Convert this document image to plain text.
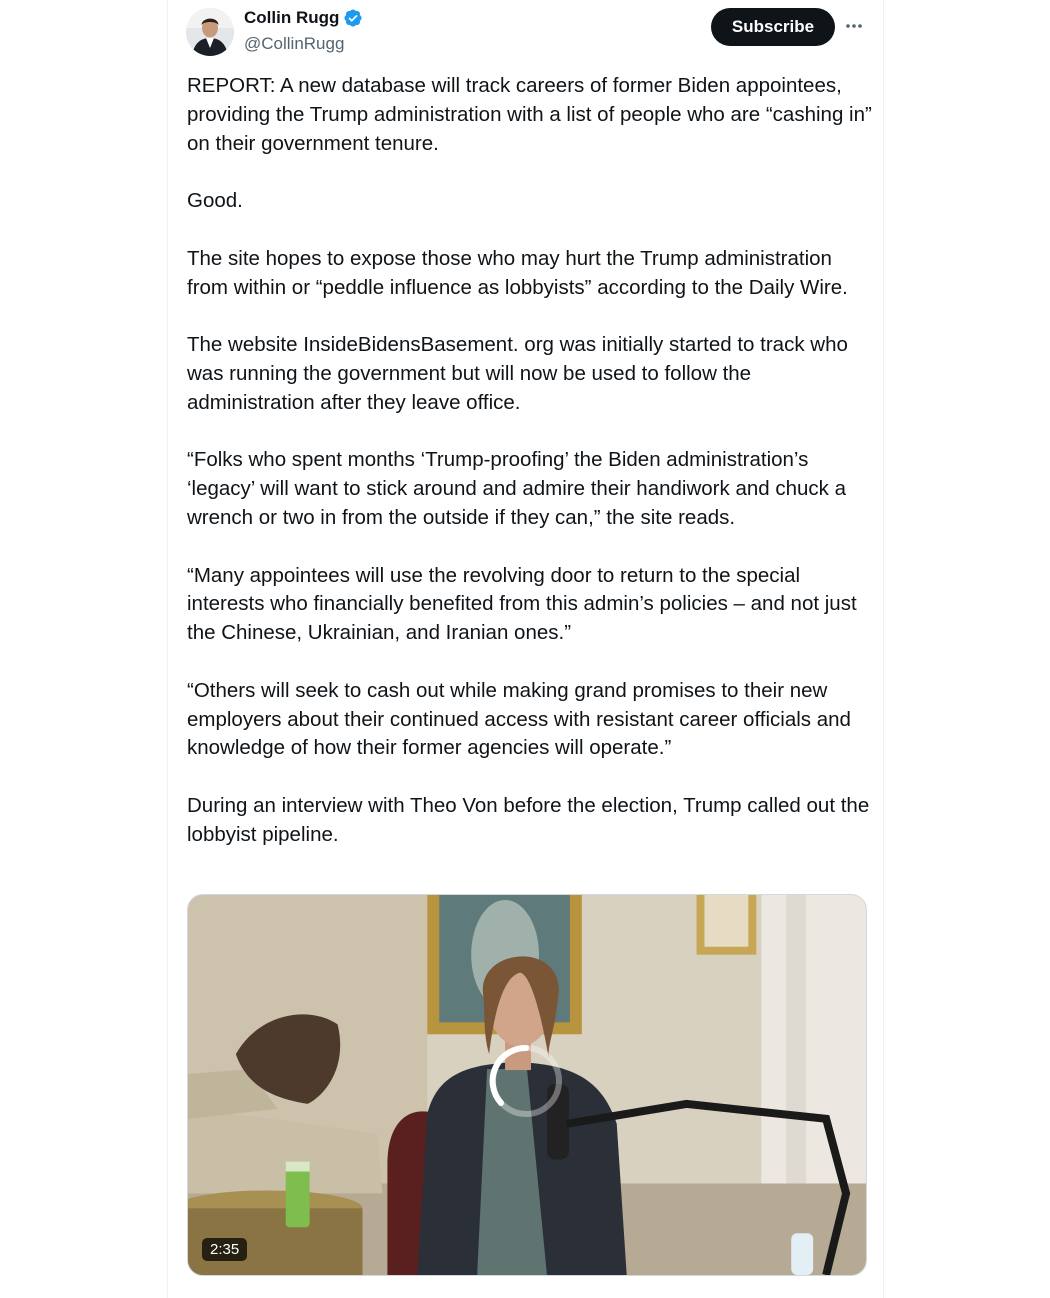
Collin Rugg
@CollinRugg
Subscribe

REPORT: A new database will track careers of former Biden appointees, providing the Trump administration with a list of people who are “cashing in” on their government tenure.

Good.

The site hopes to expose those who may hurt the Trump administration from within or “peddle influence as lobbyists” according to the Daily Wire.

The website InsideBidensBasement. org was initially started to track who was running the government but will now be used to follow the administration after they leave office.

“Folks who spent months ‘Trump-proofing’ the Biden administration’s ‘legacy’ will want to stick around and admire their handiwork and chuck a wrench or two in from the outside if they can,” the site reads.

“Many appointees will use the revolving door to return to the special interests who financially benefited from this admin’s policies – and not just the Chinese, Ukrainian, and Iranian ones.”

“Others will seek to cash out while making grand promises to their new employers about their continued access with resistant career officials and knowledge of how their former agencies will operate.”

During an interview with Theo Von before the election, Trump called out the lobbyist pipeline.

2:35
